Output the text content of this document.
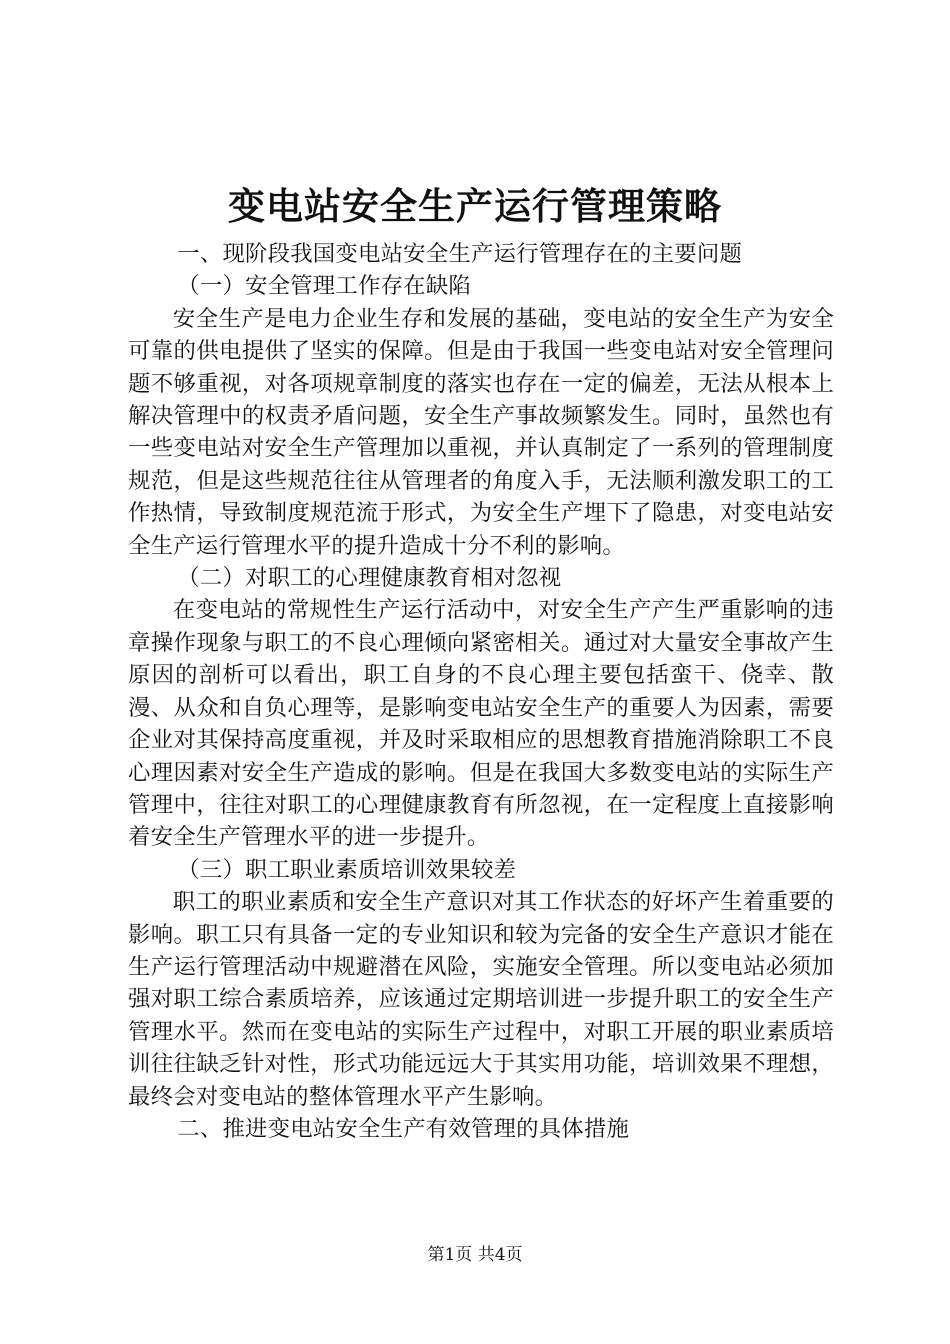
变电站安全生产运行管理策略

一、现阶段我国变电站安全生产运行管理存在的主要问题

（一）安全管理工作存在缺陷

安全生产是电力企业生存和发展的基础，变电站的安全生产为安全可靠的供电提供了坚实的保障。但是由于我国一些变电站对安全管理问题不够重视，对各项规章制度的落实也存在一定的偏差，无法从根本上解决管理中的权责矛盾问题，安全生产事故频繁发生。同时，虽然也有一些变电站对安全生产管理加以重视，并认真制定了一系列的管理制度规范，但是这些规范往往从管理者的角度入手，无法顺利激发职工的工作热情，导致制度规范流于形式，为安全生产埋下了隐患，对变电站安全生产运行管理水平的提升造成十分不利的影响。

（二）对职工的心理健康教育相对忽视

在变电站的常规性生产运行活动中，对安全生产产生严重影响的违章操作现象与职工的不良心理倾向紧密相关。通过对大量安全事故产生原因的剖析可以看出，职工自身的不良心理主要包括蛮干、侥幸、散漫、从众和自负心理等，是影响变电站安全生产的重要人为因素，需要企业对其保持高度重视，并及时采取相应的思想教育措施消除职工不良心理因素对安全生产造成的影响。但是在我国大多数变电站的实际生产管理中，往往对职工的心理健康教育有所忽视，在一定程度上直接影响着安全生产管理水平的进一步提升。

（三）职工职业素质培训效果较差

职工的职业素质和安全生产意识对其工作状态的好坏产生着重要的影响。职工只有具备一定的专业知识和较为完备的安全生产意识才能在生产运行管理活动中规避潜在风险，实施安全管理。所以变电站必须加强对职工综合素质培养，应该通过定期培训进一步提升职工的安全生产管理水平。然而在变电站的实际生产过程中，对职工开展的职业素质培训往往缺乏针对性，形式功能远远大于其实用功能，培训效果不理想，最终会对变电站的整体管理水平产生影响。

二、推进变电站安全生产有效管理的具体措施

第1页 共4页
